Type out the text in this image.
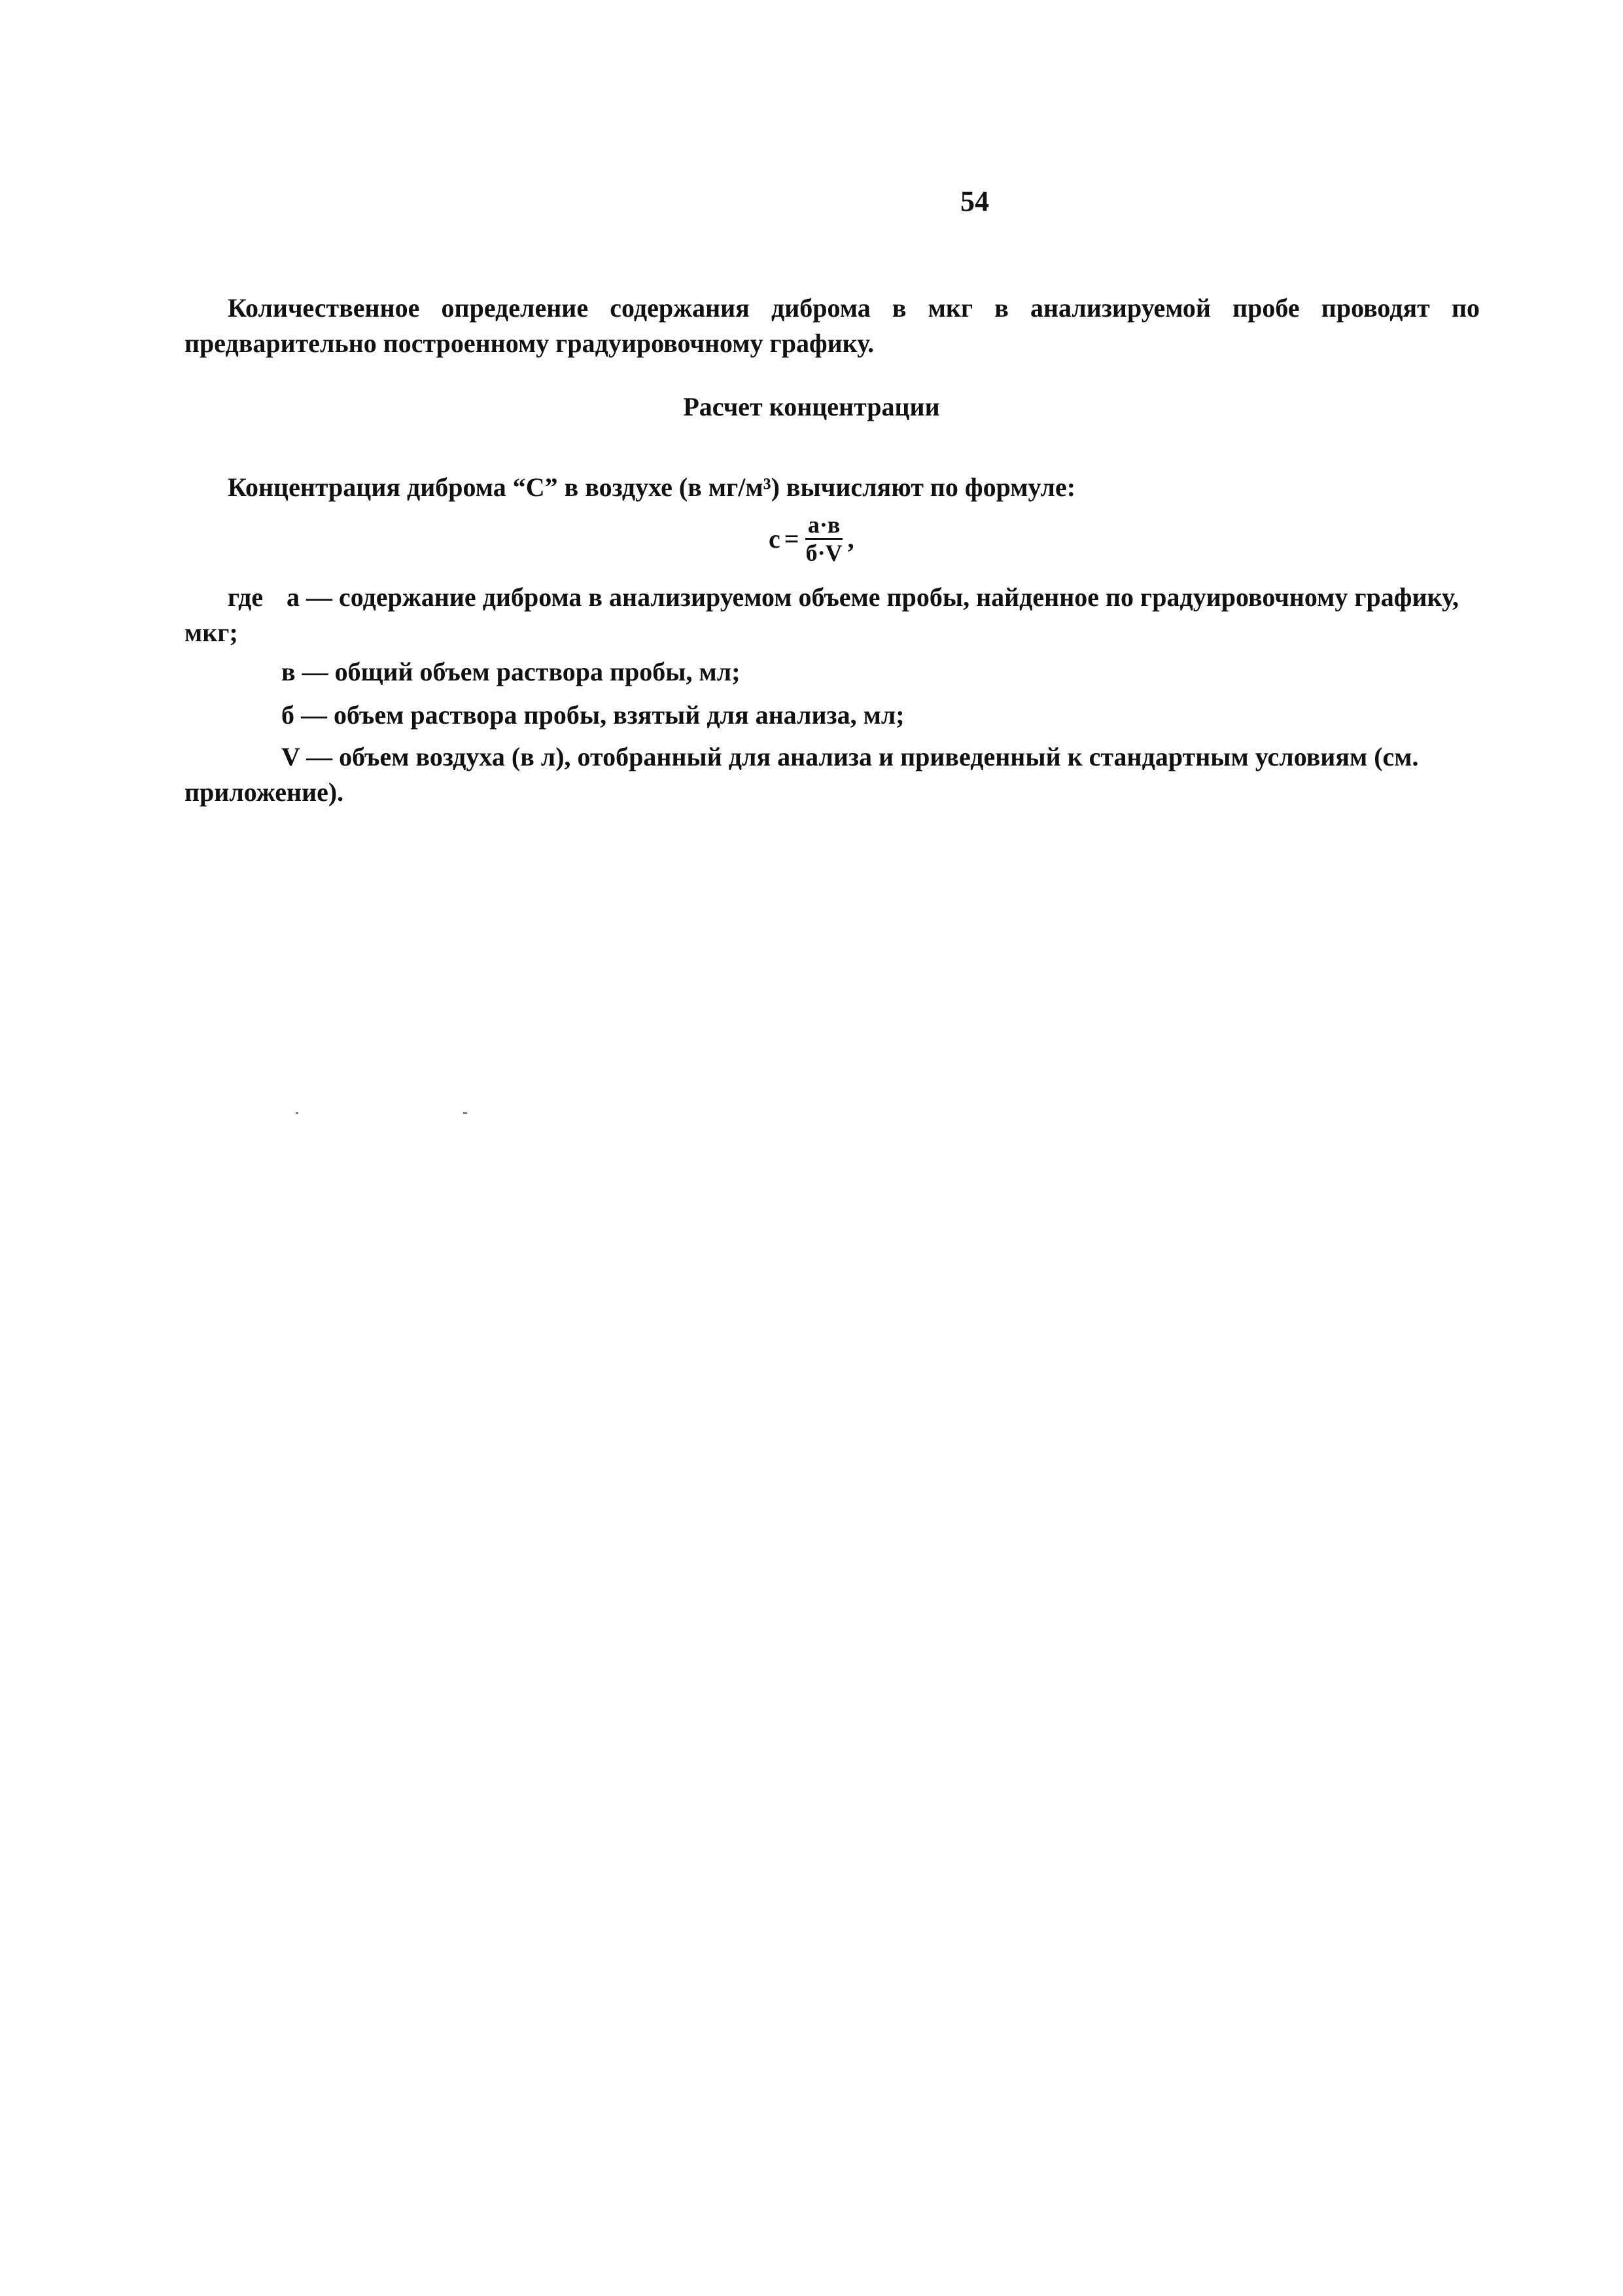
54
Количественное определение содержания диброма в мкг в анализируемой пробе проводят по предварительно построенному градуировочному графику.
Расчет концентрации
Концентрация диброма “С” в воздухе (в мг/м³) вычисляют по формуле:
$с = \frac{а\cdot в}{б\cdot V}$ ,
где а — содержание диброма в анализируемом объеме пробы, найденное по градуировочному графику, мкг;
в — общий объем раствора пробы, мл;
б — объем раствора пробы, взятый для анализа, мл;
V — объем воздуха (в л), отобранный для анализа и приведенный к стандартным условиям (см. приложение).
